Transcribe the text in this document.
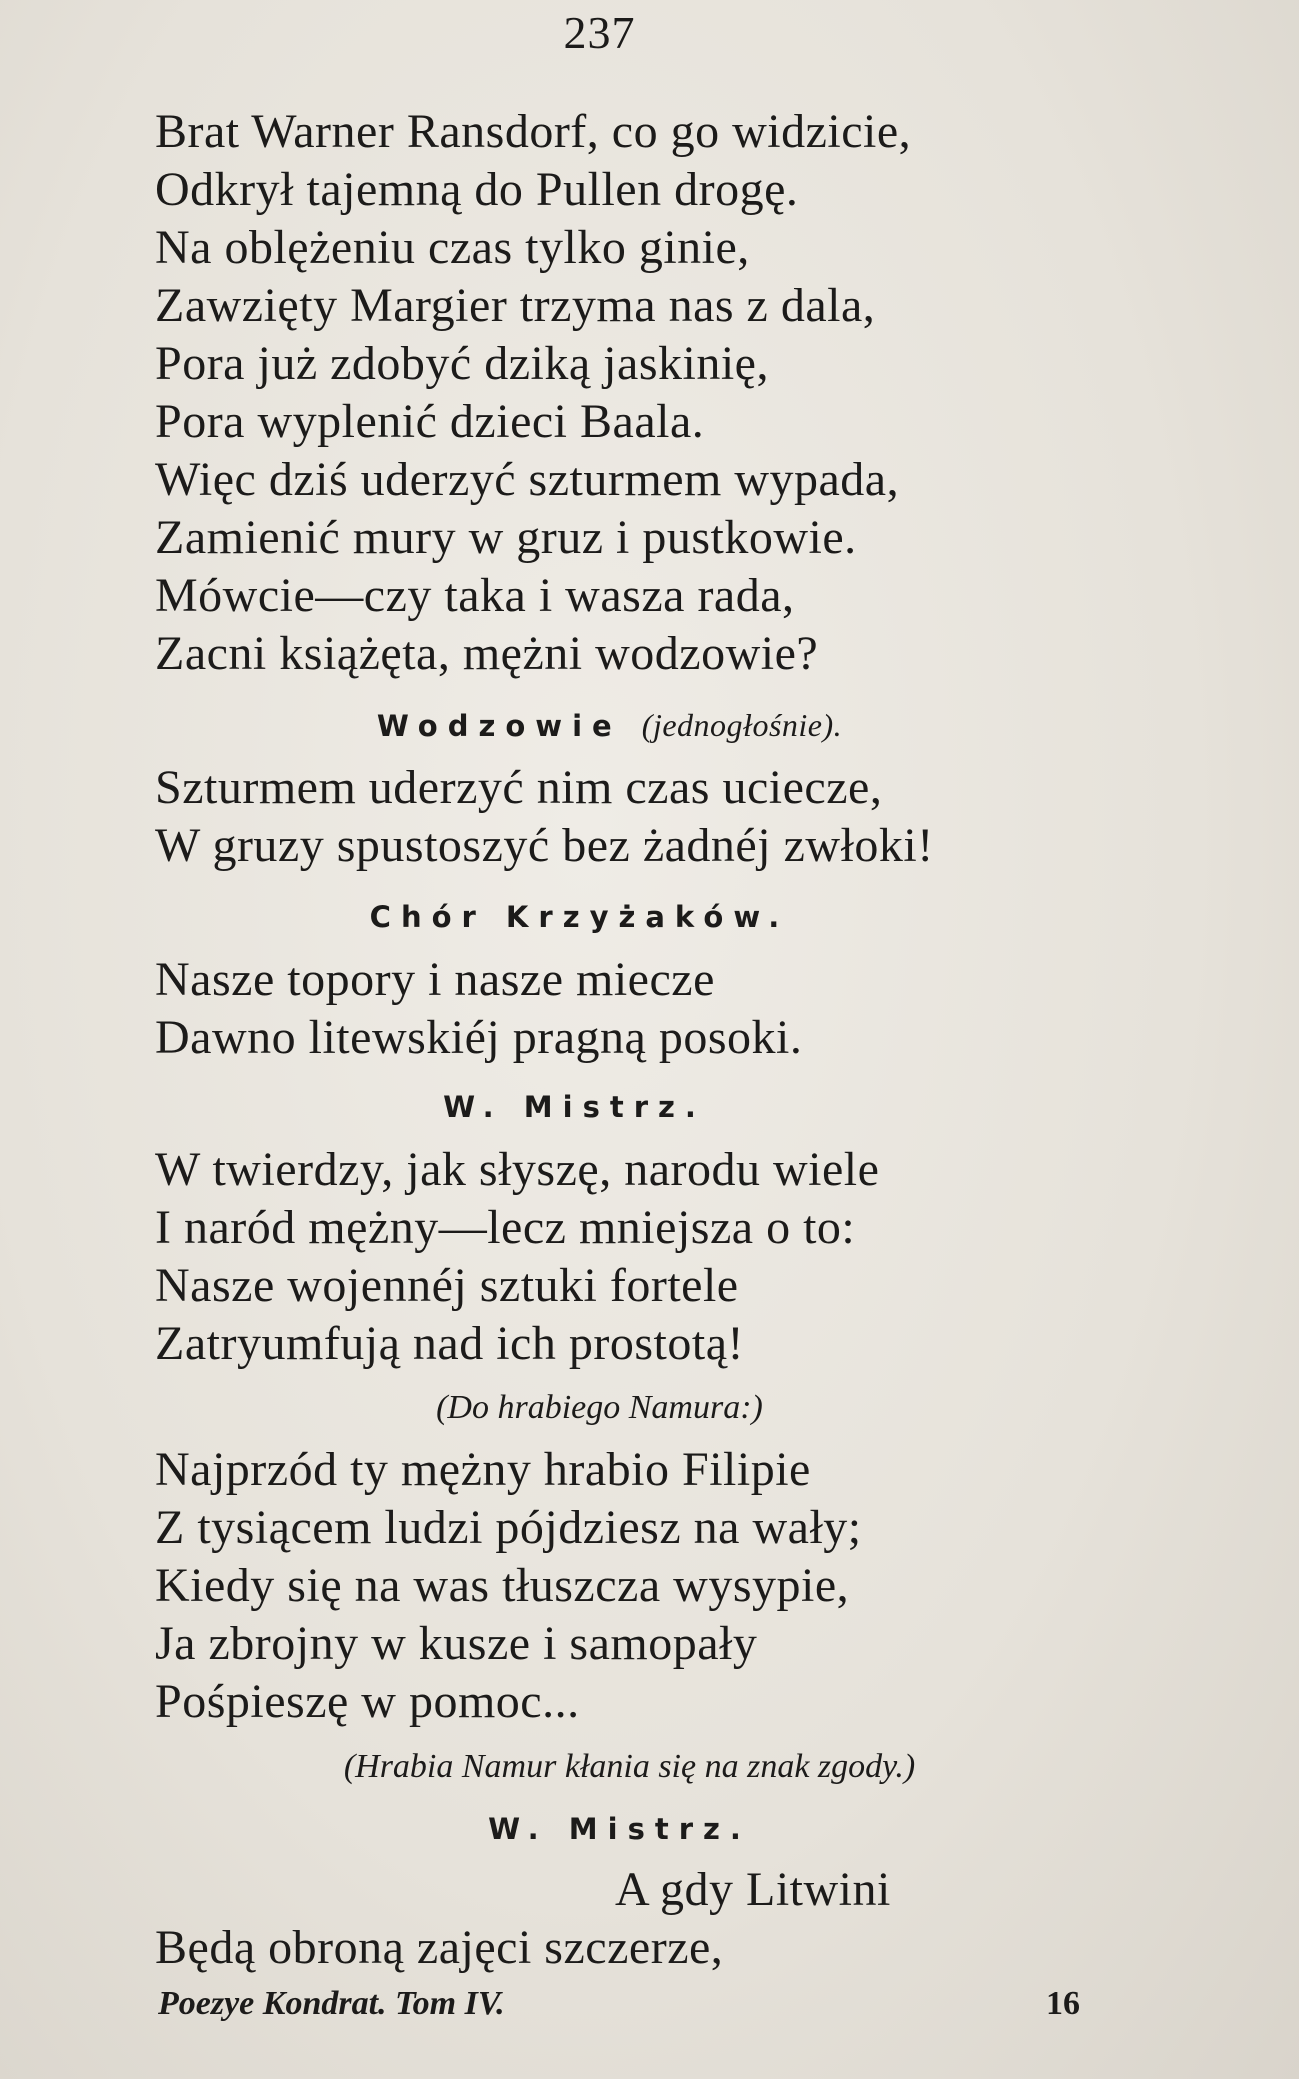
237
Brat Warner Ransdorf, co go widzicie,
Odkrył tajemną do Pullen drogę.
Na oblężeniu czas tylko ginie,
Zawzięty Margier trzyma nas z dala,
Pora już zdobyć dziką jaskinię,
Pora wyplenić dzieci Baala.
Więc dziś uderzyć szturmem wypada,
Zamienić mury w gruz i pustkowie.
Mówcie—czy taka i wasza rada,
Zacni książęta, mężni wodzowie?
Wodzowie (jednogłośnie).
Szturmem uderzyć nim czas uciecze,
W gruzy spustoszyć bez żadnéj zwłoki!
Chór Krzyżaków.
Nasze topory i nasze miecze
Dawno litewskiéj pragną posoki.
W. Mistrz.
W twierdzy, jak słyszę, narodu wiele
I naród mężny—lecz mniejsza o to:
Nasze wojennéj sztuki fortele
Zatryumfują nad ich prostotą!
(Do hrabiego Namura:)
Najprzód ty mężny hrabio Filipie
Z tysiącem ludzi pójdziesz na wały;
Kiedy się na was tłuszcza wysypie,
Ja zbrojny w kusze i samopały
Pośpieszę w pomoc...
(Hrabia Namur kłania się na znak zgody.)
W. Mistrz.
A gdy Litwini
Będą obroną zajęci szczerze,
Poezye Kondrat. Tom IV.	16
